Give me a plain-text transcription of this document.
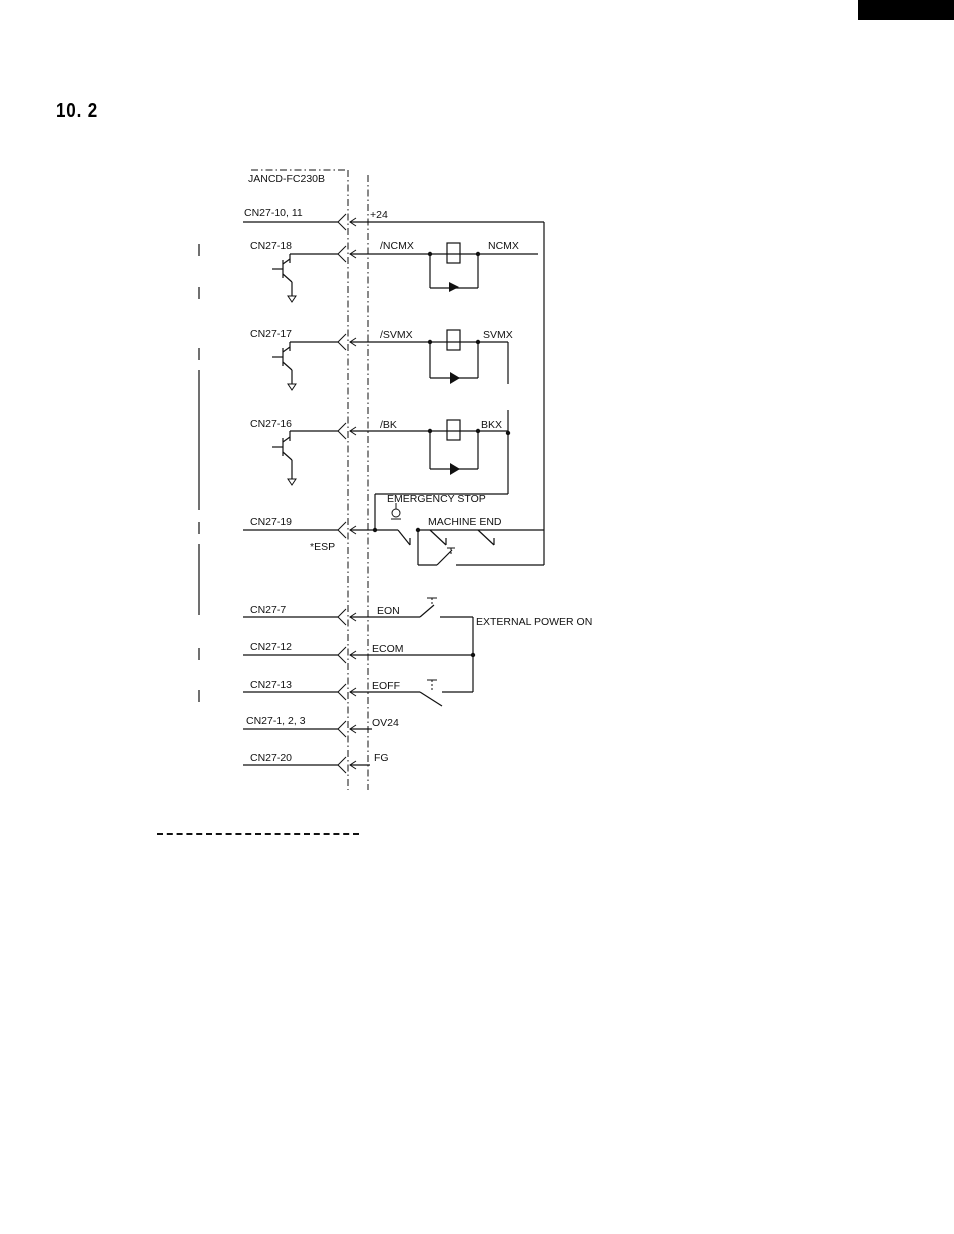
10. 2
JANCD-FC230B
CN27-10, 11
CN27-18
CN27-17
CN27-16
CN27-19
CN27-7
CN27-12
CN27-13
CN27-1, 2, 3
CN27-20
+24
/NCMX
/SVMX
/BK
*ESP
EON
ECOM
EOFF
OV24
FG
NCMX
SVMX
BKX
EMERGENCY STOP
MACHINE END
EXTERNAL POWER ON
